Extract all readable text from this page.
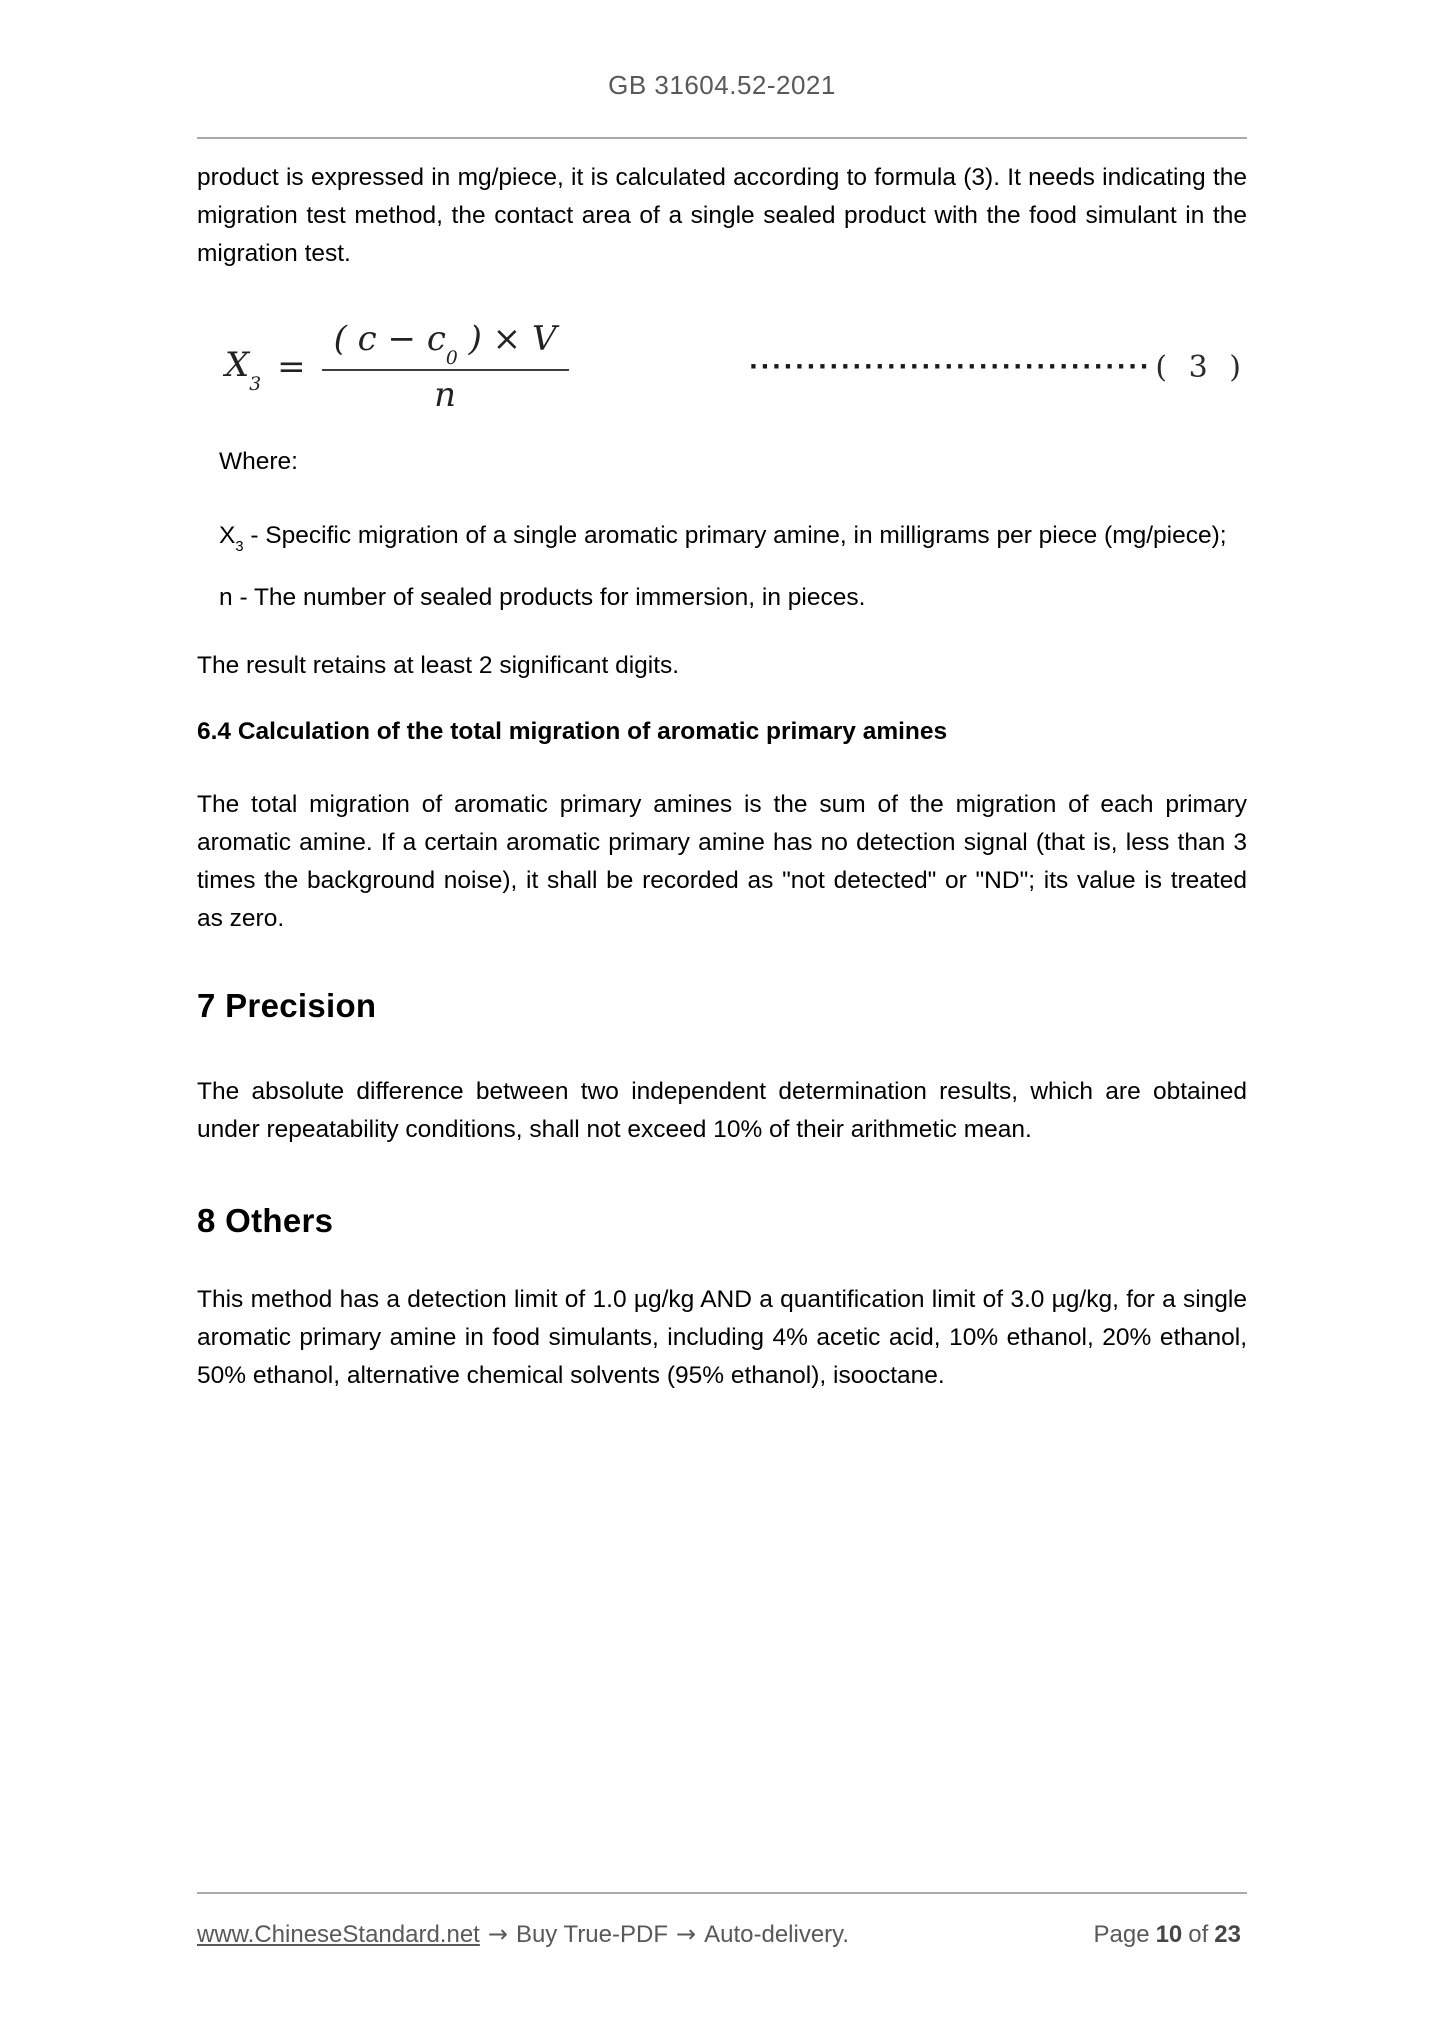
GB 31604.52-2021

product is expressed in mg/piece, it is calculated according to formula (3). It needs indicating the migration test method, the contact area of a single sealed product with the food simulant in the migration test.

$X_3 = \frac{( c - c_0 ) \times V}{n}$	··································· ( 3 )

Where:

$X_3$ - Specific migration of a single aromatic primary amine, in milligrams per piece (mg/piece);

n - The number of sealed products for immersion, in pieces.

The result retains at least 2 significant digits.

6.4 Calculation of the total migration of aromatic primary amines

The total migration of aromatic primary amines is the sum of the migration of each primary aromatic amine. If a certain aromatic primary amine has no detection signal (that is, less than 3 times the background noise), it shall be recorded as "not detected" or "ND"; its value is treated as zero.

7 Precision

The absolute difference between two independent determination results, which are obtained under repeatability conditions, shall not exceed 10% of their arithmetic mean.

8 Others

This method has a detection limit of 1.0 µg/kg AND a quantification limit of 3.0 µg/kg, for a single aromatic primary amine in food simulants, including 4% acetic acid, 10% ethanol, 20% ethanol, 50% ethanol, alternative chemical solvents (95% ethanol), isooctane.

www.ChineseStandard.net → Buy True-PDF → Auto-delivery.	Page 10 of 23
